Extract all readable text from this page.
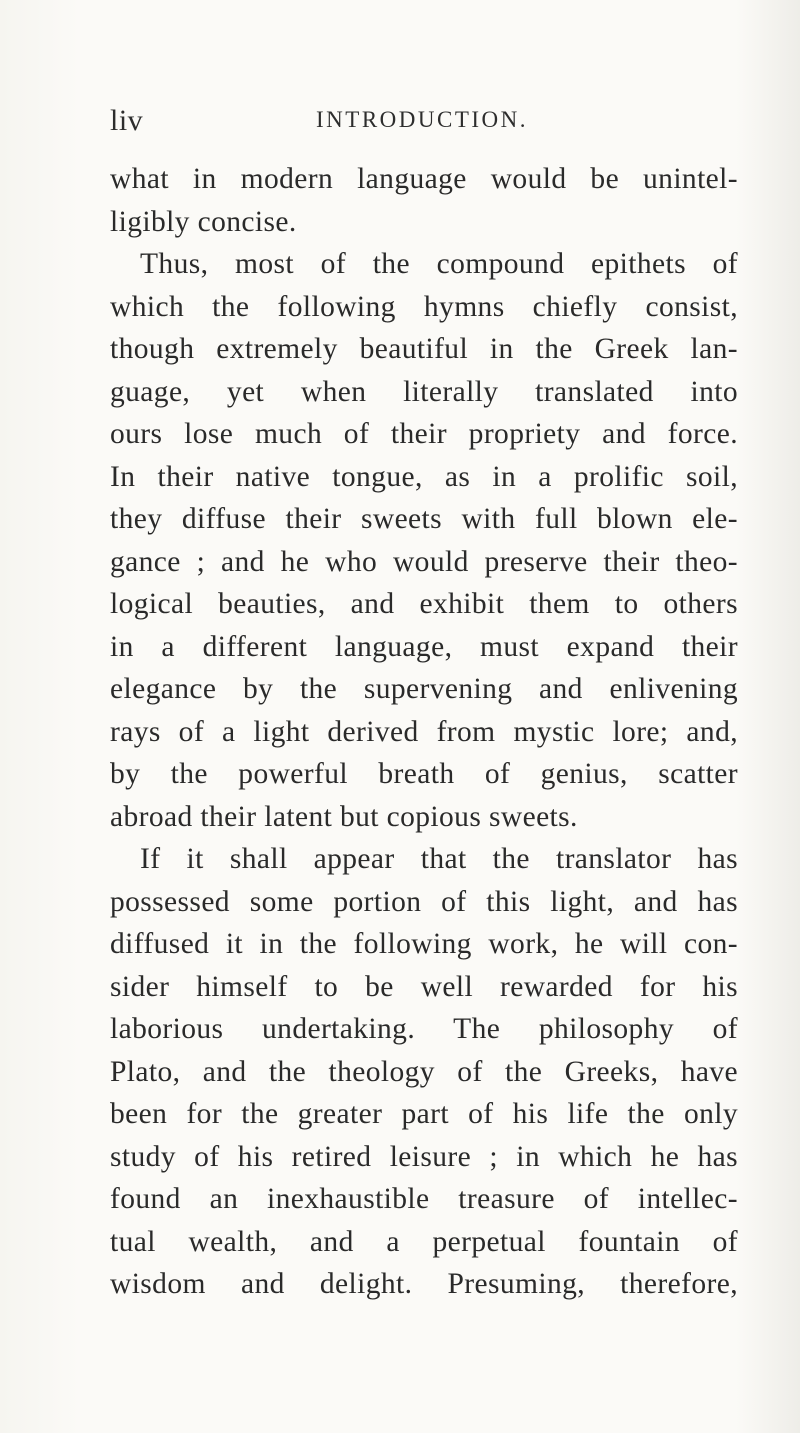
liv	INTRODUCTION.
what in modern language would be unintel-
ligibly concise.
Thus, most of the compound epithets of
which the following hymns chiefly consist,
though extremely beautiful in the Greek lan-
guage, yet when literally translated into
ours lose much of their propriety and force.
In their native tongue, as in a prolific soil,
they diffuse their sweets with full blown ele-
gance ; and he who would preserve their theo-
logical beauties, and exhibit them to others
in a different language, must expand their
elegance by the supervening and enlivening
rays of a light derived from mystic lore; and,
by the powerful breath of genius, scatter
abroad their latent but copious sweets.
If it shall appear that the translator has
possessed some portion of this light, and has
diffused it in the following work, he will con-
sider himself to be well rewarded for his
laborious undertaking. The philosophy of
Plato, and the theology of the Greeks, have
been for the greater part of his life the only
study of his retired leisure ; in which he has
found an inexhaustible treasure of intellec-
tual wealth, and a perpetual fountain of
wisdom and delight. Presuming, therefore,
